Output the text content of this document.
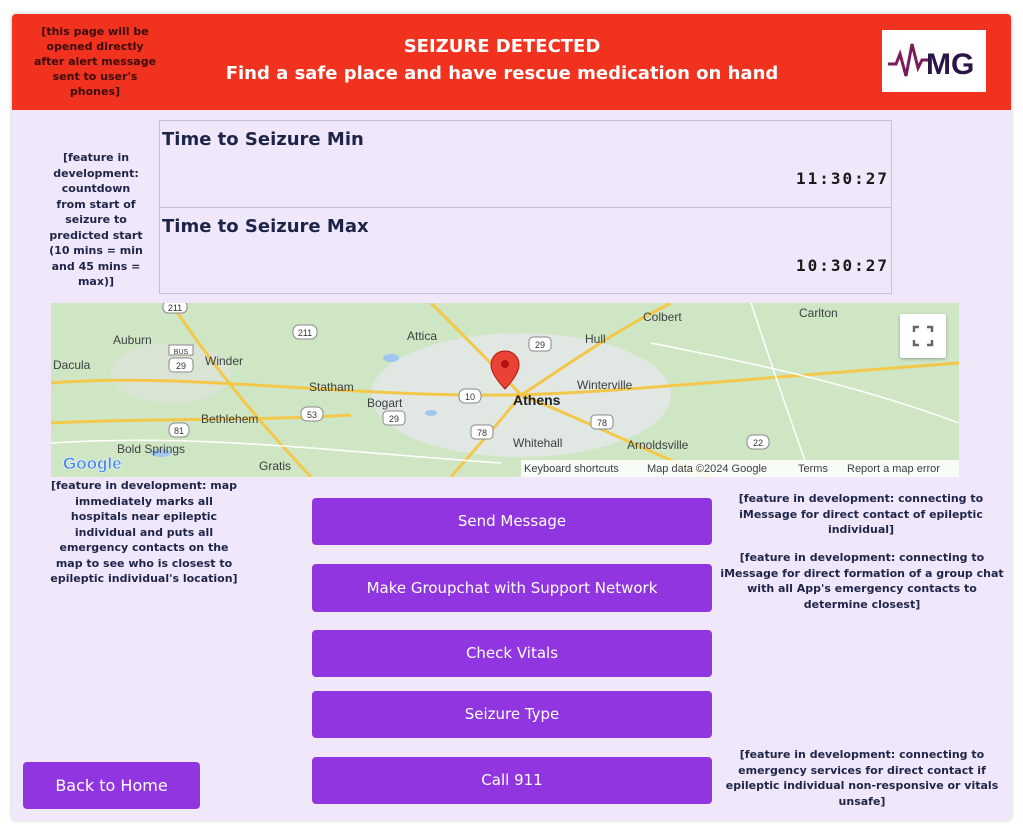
[this page will be opened directly after alert message sent to user's phones]
SEIZURE DETECTED
Find a safe place and have rescue medication on hand	MG
[feature in development: countdown from start of seizure to predicted start (10 mins = min and 45 mins = max)]
Time to Seizure Min
11:30:27
Time to Seizure Max
10:30:27
Carlton
Colbert
Attica
Auburn	Hull
Winder
Dacula
Statham	Winterville
Bogart	Athens
Bethlehem
Whitehall	Arnoldsville
Bold Springs
Gratis
211
211
29
BUS
29
10
53	29
81	78
78
22
Google	Keyboard shortcuts	Map data ©2024 Google	Terms Report a map error
[feature in development: map immediately marks all hospitals near epileptic individual and puts all emergency contacts on the map to see who is closest to epileptic individual's location]
Send Message
Make Groupchat with Support Network
Check Vitals
Seizure Type
Call 911
Back to Home
[feature in development: connecting to iMessage for direct contact of epileptic individual]
[feature in development: connecting to iMessage for direct formation of a group chat with all App's emergency contacts to determine closest]
[feature in development: connecting to emergency services for direct contact if epileptic individual non-responsive or vitals unsafe]
